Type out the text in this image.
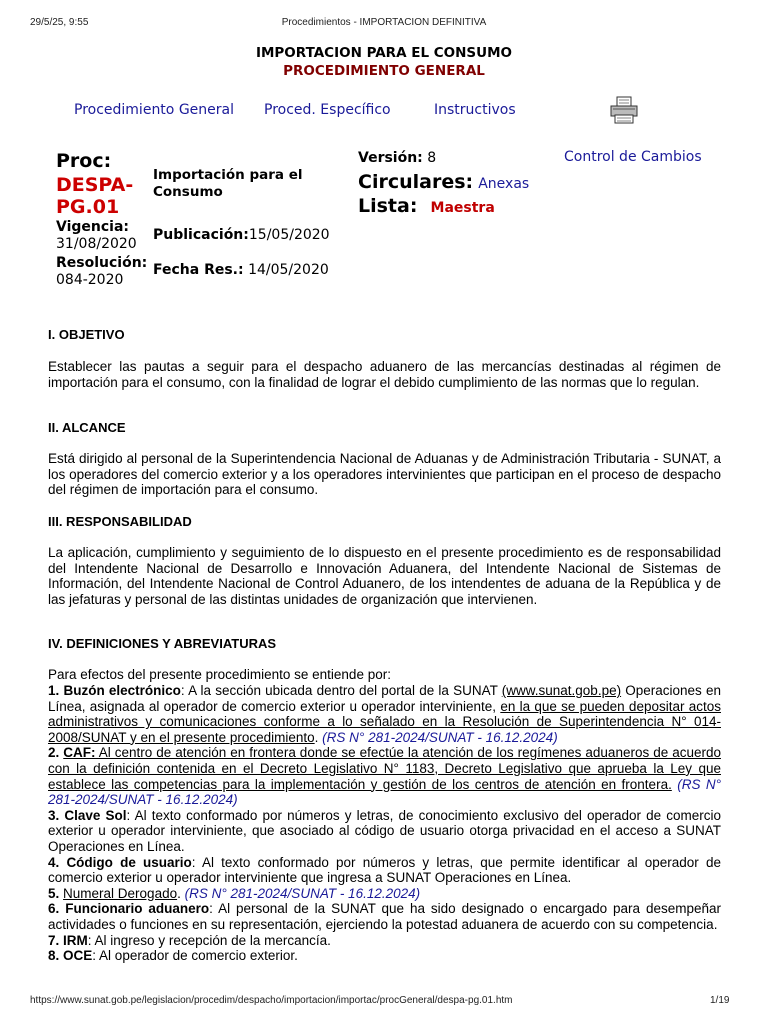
29/5/25, 9:55	Procedimientos - IMPORTACION DEFINITIVA
IMPORTACION PARA EL CONSUMO
PROCEDIMIENTO GENERAL
Procedimiento General Proced. Específico	Instructivos
Proc:
DESPA-
PG.01
Importación para el
Consumo
Vigencia:
31/08/2020
Publicación:15/05/2020
Resolución:
084-2020
Fecha Res.: 14/05/2020
Versión: 8
Circulares: Anexas
Lista: Maestra
Control de Cambios
I. OBJETIVO
Establecer las pautas a seguir para el despacho aduanero de las mercancías destinadas al régimen de importación para el consumo, con la finalidad de lograr el debido cumplimiento de las normas que lo regulan.
II. ALCANCE
Está dirigido al personal de la Superintendencia Nacional de Aduanas y de Administración Tributaria - SUNAT, a los operadores del comercio exterior y a los operadores intervinientes que participan en el proceso de despacho del régimen de importación para el consumo.
III. RESPONSABILIDAD
La aplicación, cumplimiento y seguimiento de lo dispuesto en el presente procedimiento es de responsabilidad del Intendente Nacional de Desarrollo e Innovación Aduanera, del Intendente Nacional de Sistemas de Información, del Intendente Nacional de Control Aduanero, de los intendentes de aduana de la República y de las jefaturas y personal de las distintas unidades de organización que intervienen.
IV. DEFINICIONES Y ABREVIATURAS
Para efectos del presente procedimiento se entiende por:
1. Buzón electrónico: A la sección ubicada dentro del portal de la SUNAT (www.sunat.gob.pe) Operaciones en Línea, asignada al operador de comercio exterior u operador interviniente, en la que se pueden depositar actos administrativos y comunicaciones conforme a lo señalado en la Resolución de Superintendencia N° 014-2008/SUNAT y en el presente procedimiento. (RS N° 281-2024/SUNAT - 16.12.2024)
2. CAF: Al centro de atención en frontera donde se efectúe la atención de los regímenes aduaneros de acuerdo con la definición contenida en el Decreto Legislativo N° 1183, Decreto Legislativo que aprueba la Ley que establece las competencias para la implementación y gestión de los centros de atención en frontera. (RS N° 281-2024/SUNAT - 16.12.2024)
3. Clave Sol: Al texto conformado por números y letras, de conocimiento exclusivo del operador de comercio exterior u operador interviniente, que asociado al código de usuario otorga privacidad en el acceso a SUNAT Operaciones en Línea.
4. Código de usuario: Al texto conformado por números y letras, que permite identificar al operador de comercio exterior u operador interviniente que ingresa a SUNAT Operaciones en Línea.
5. Numeral Derogado. (RS N° 281-2024/SUNAT - 16.12.2024)
6. Funcionario aduanero: Al personal de la SUNAT que ha sido designado o encargado para desempeñar actividades o funciones en su representación, ejerciendo la potestad aduanera de acuerdo con su competencia.
7. IRM: Al ingreso y recepción de la mercancía.
8. OCE: Al operador de comercio exterior.
https://www.sunat.gob.pe/legislacion/procedim/despacho/importacion/importac/procGeneral/despa-pg.01.htm	1/19
